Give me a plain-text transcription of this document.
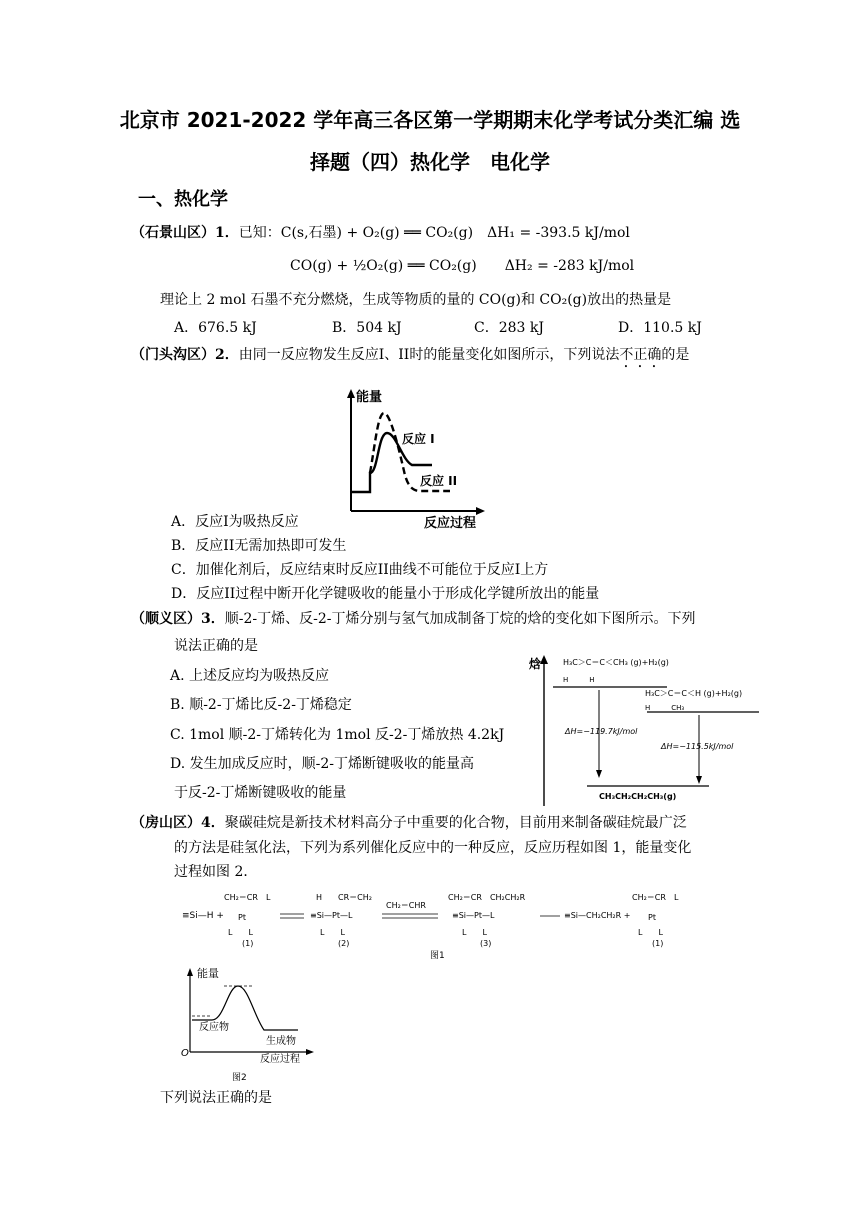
北京市 2021-2022 学年高三各区第一学期期末化学考试分类汇编 选
择题（四）热化学　电化学
一、热化学
（石景山区）1．已知：C(s,石墨) + O₂(g) ══ CO₂(g)　ΔH₁ = -393.5 kJ/mol
CO(g) + ½O₂(g) ══ CO₂(g)　　ΔH₂ = -283 kJ/mol
理论上 2 mol 石墨不充分燃烧，生成等物质的量的 CO(g)和 CO₂(g)放出的热量是
A．676.5 kJ	B．504 kJ	C．283 kJ	D．110.5 kJ
（门头沟区）2．由同一反应物发生反应I、II时的能量变化如图所示，下列说法不正确的是
能量
反应 I
反应 II
反应过程
A．反应I为吸热反应
B．反应II无需加热即可发生
C．加催化剂后，反应结束时反应II曲线不可能位于反应I上方
D．反应II过程中断开化学键吸收的能量小于形成化学键所放出的能量
（顺义区）3．顺-2-丁烯、反-2-丁烯分别与氢气加成制备丁烷的焓的变化如下图所示。下列
说法正确的是
A. 上述反应均为吸热反应
B. 顺-2-丁烯比反-2-丁烯稳定
C. 1mol 顺-2-丁烯转化为 1mol 反-2-丁烯放热 4.2kJ
D. 发生加成反应时，顺-2-丁烯断键吸收的能量高
于反-2-丁烯断键吸收的能量
焓	H₃C＞C＝C＜CH₃ (g)+H₂(g)
H　　　H
H₃C＞C＝C＜H (g)+H₂(g)
H　　　CH₃
ΔH=−119.7kJ/mol
ΔH=−115.5kJ/mol
CH₃CH₂CH₂CH₃(g)
（房山区）4．聚碳硅烷是新技术材料高分子中重要的化合物，目前用来制备碳硅烷最广泛
的方法是硅氢化法，下列为系列催化反应中的一种反应，反应历程如图 1，能量变化
过程如图 2．
≡Si—H +
CH₂＝CR　L
Pt
L　　L
(1)
H　　CR＝CH₂
≡Si—Pt—L
L　　L
(2)
CH₂＝CHR
CH₂＝CR　CH₂CH₂R
≡Si—Pt—L
L　　L
(3)
≡Si—CH₂CH₂R +
CH₂＝CR　L
Pt
L　　L
(1)
图1
能量
反应物
生成物
O
反应过程
图2
下列说法正确的是
